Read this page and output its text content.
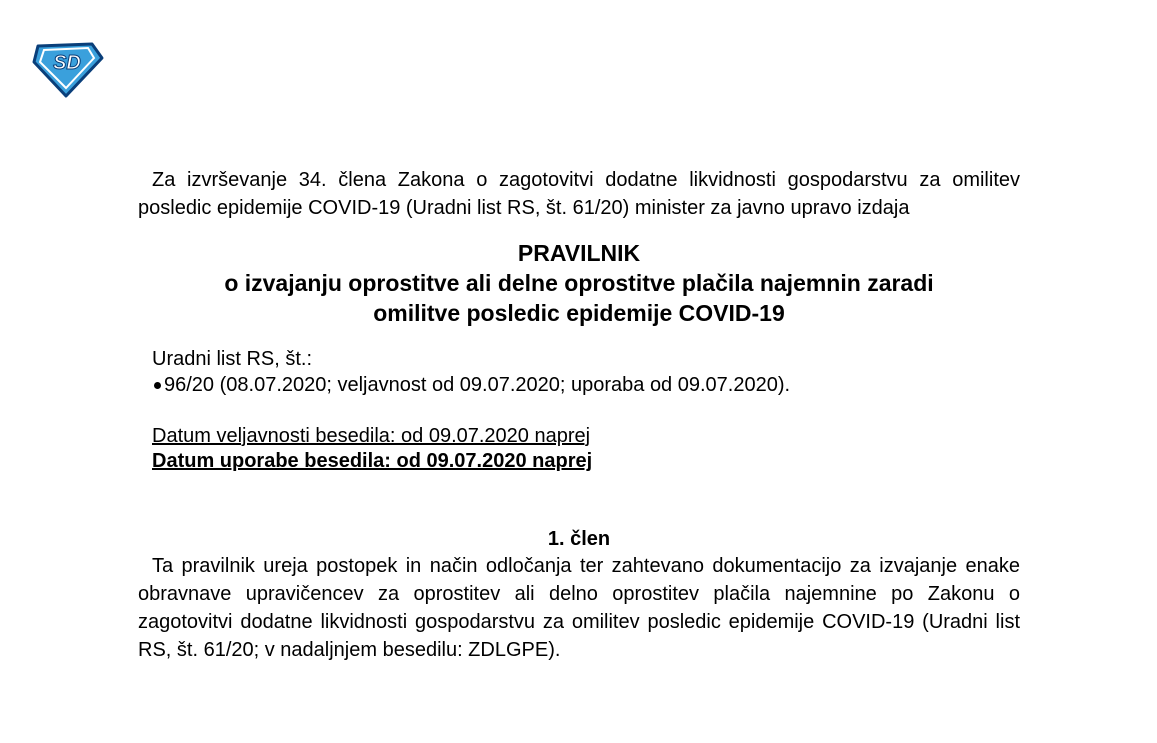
SD

Za izvrševanje 34. člena Zakona o zagotovitvi dodatne likvidnosti gospodarstvu za omilitev posledic epidemije COVID-19 (Uradni list RS, št. 61/20) minister za javno upravo izdaja

PRAVILNIK
o izvajanju oprostitve ali delne oprostitve plačila najemnin zaradi
omilitve posledic epidemije COVID-19
Uradni list RS, št.:
96/20 (08.07.2020; veljavnost od 09.07.2020; uporaba od 09.07.2020).
Datum veljavnosti besedila: od 09.07.2020 naprej
Datum uporabe besedila: od 09.07.2020 naprej
1. člen

Ta pravilnik ureja postopek in način odločanja ter zahtevano dokumentacijo za izvajanje enake obravnave upravičencev za oprostitev ali delno oprostitev plačila najemnine po Zakonu o zagotovitvi dodatne likvidnosti gospodarstvu za omilitev posledic epidemije COVID-19 (Uradni list RS, št. 61/20; v nadaljnjem besedilu: ZDLGPE).
